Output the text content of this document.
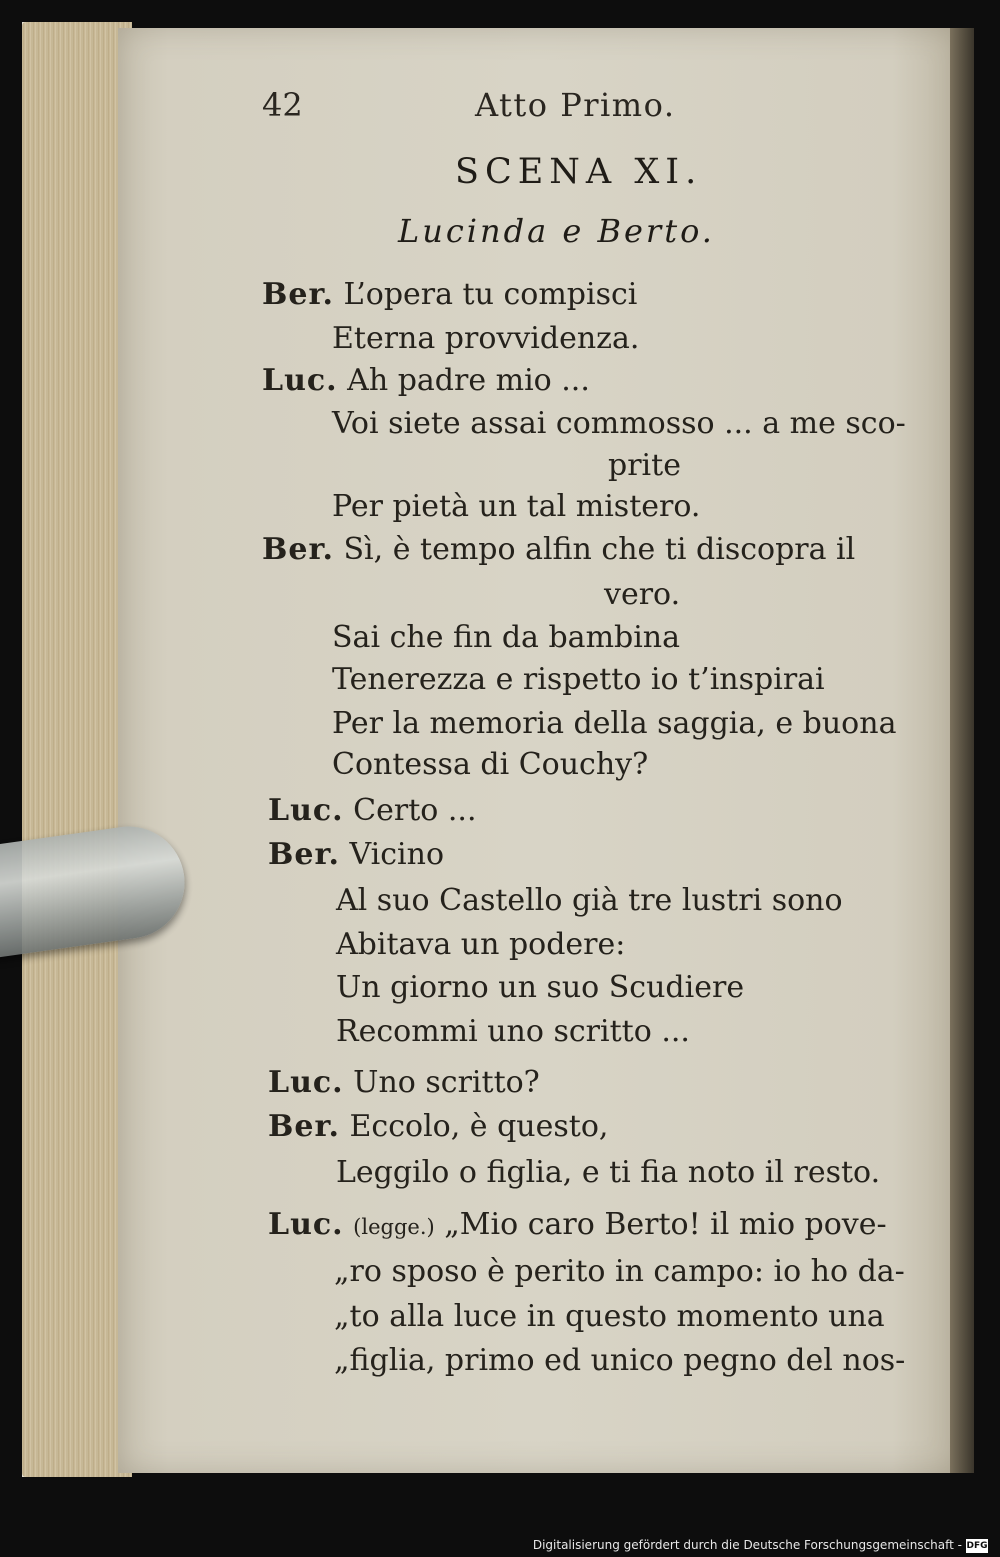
42	Atto Primo.
SCENA XI.
Lucinda e Berto.
Ber. L’opera tu compisci
Eterna provvidenza.
Luc. Ah padre mio ...
Voi siete assai commosso ... a me sco-
prite
Per pietà un tal mistero.
Ber. Sì, è tempo alfin che ti discopra il
vero.
Sai che fin da bambina
Tenerezza e rispetto io t’inspirai
Per la memoria della saggia, e buona
Contessa di Couchy?
Luc. Certo ...
Ber. Vicino
Al suo Castello già tre lustri sono
Abitava un podere:
Un giorno un suo Scudiere
Recommi uno scritto ...
Luc. Uno scritto?
Ber. Eccolo, è questo,
Leggilo o figlia, e ti fia noto il resto.
Luc. (legge.) „Mio caro Berto! il mio pove-
„ro sposo è perito in campo: io ho da-
„to alla luce in questo momento una
„figlia, primo ed unico pegno del nos-
Digitalisierung gefördert durch die Deutsche Forschungsgemeinschaft - DFG
